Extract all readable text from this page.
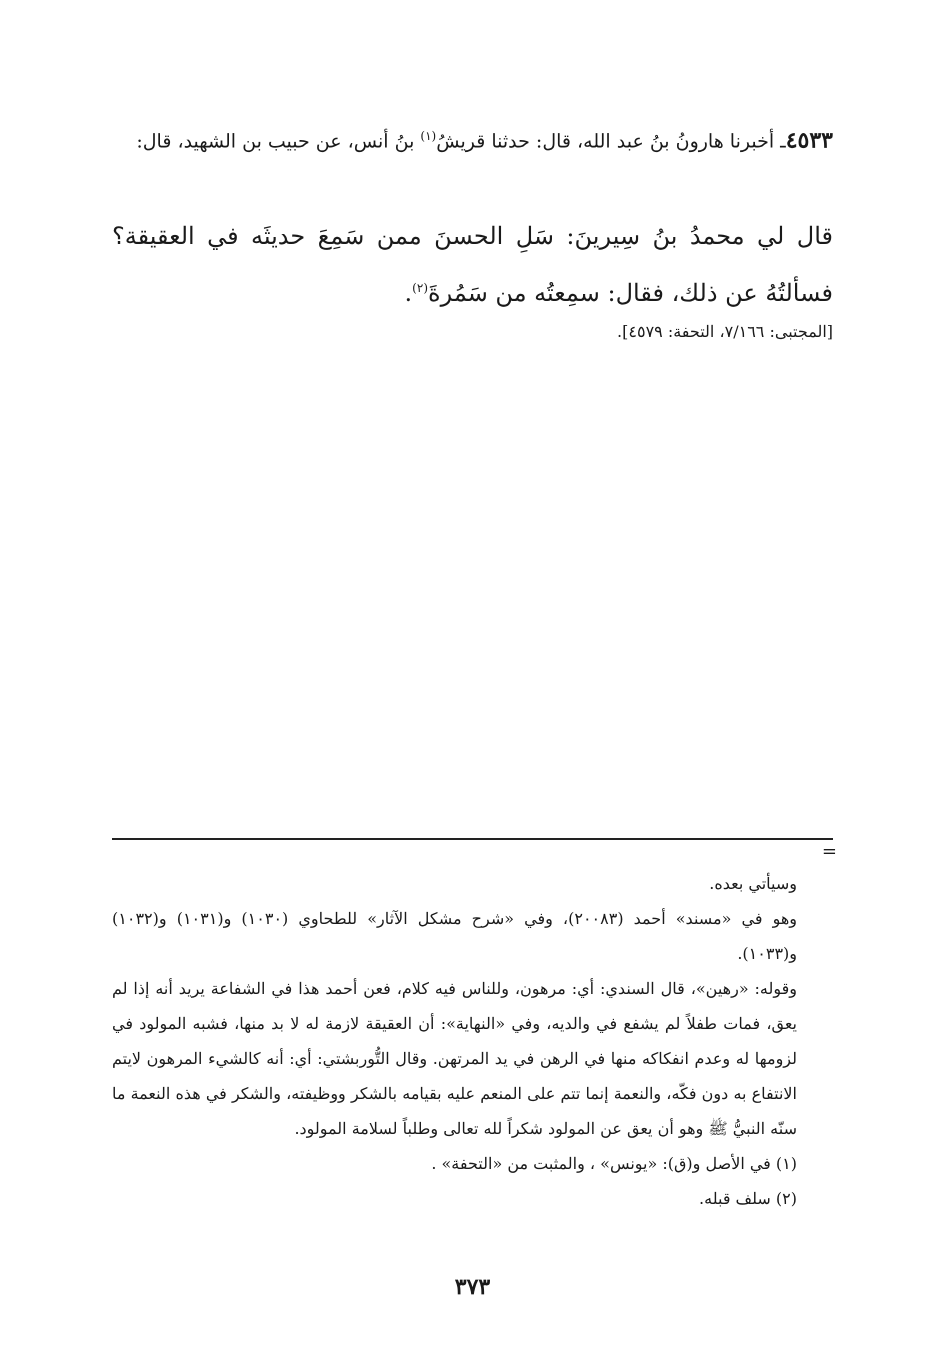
٤٥٣٣ـ أخبرنا هارونُ بنُ عبد الله، قال: حدثنا قريشُ$^{(١)}$ بنُ أنس، عن حبيب بن الشهيد، قال:
قال لي محمدُ بنُ سِيرينَ: سَلِ الحسنَ ممن سَمِعَ حديثَه في العقيقة؟ فسألتُهُ عن ذلك، فقال: سمِعتُه من سَمُرةَ$^{(٢)}$.
[المجتبى: ٧/١٦٦، التحفة: ٤٥٧٩].
=

وسيأتي بعده.

وهو في «مسند» أحمد (٢٠٠٨٣)، وفي «شرح مشكل الآثار» للطحاوي (١٠٣٠) و(١٠٣١) و(١٠٣٢) و(١٠٣٣).

وقوله: «رهين»، قال السندي: أي: مرهون، وللناس فيه كلام، فعن أحمد هذا في الشفاعة يريد أنه إذا لم يعق، فمات طفلاً لم يشفع في والديه، وفي «النهاية»: أن العقيقة لازمة له لا بد منها، فشبه المولود في لزومها له وعدم انفكاكه منها في الرهن في يد المرتهن. وقال التُّوربشتي: أي: أنه كالشيء المرهون لايتم الانتفاع به دون فكّه، والنعمة إنما تتم على المنعم عليه بقيامه بالشكر ووظيفته، والشكر في هذه النعمة ما سنّه النبيُّ ﷺ وهو أن يعق عن المولود شكراً لله تعالى وطلباً لسلامة المولود.

(١) في الأصل و(ق): «يونس» ، والمثبت من «التحفة» .

(٢) سلف قبله.

٣٧٣
